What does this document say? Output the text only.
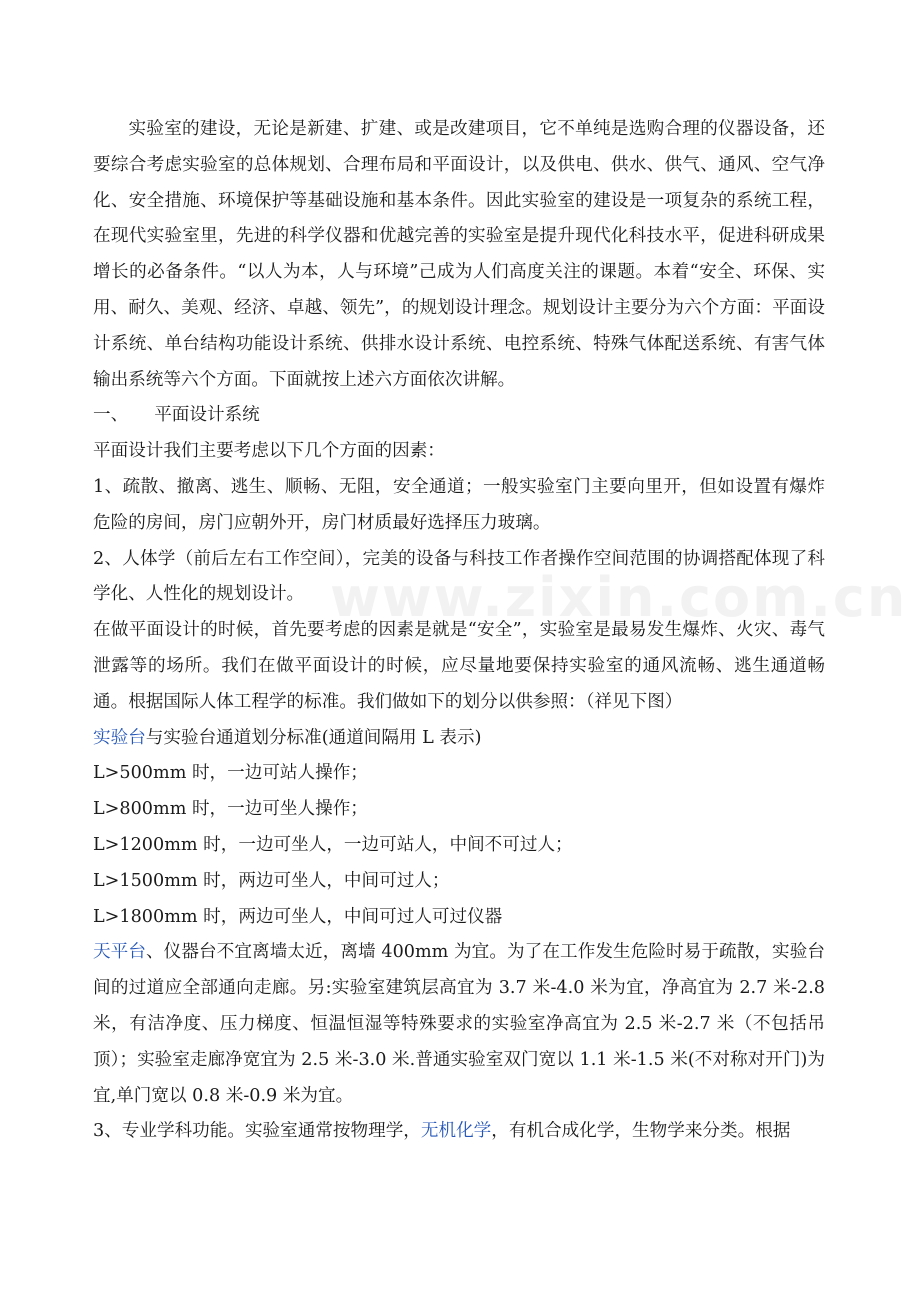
www.zixin.com.cn

  实验室的建设，无论是新建、扩建、或是改建项目，它不单纯是选购合理的仪器设备，还要综合考虑实验室的总体规划、合理布局和平面设计，以及供电、供水、供气、通风、空气净化、安全措施、环境保护等基础设施和基本条件。因此实验室的建设是一项复杂的系统工程，在现代实验室里，先进的科学仪器和优越完善的实验室是提升现代化科技水平，促进科研成果增长的必备条件。“以人为本，人与环境”己成为人们高度关注的课题。本着“安全、环保、实用、耐久、美观、经济、卓越、领先”，的规划设计理念。规划设计主要分为六个方面：平面设计系统、单台结构功能设计系统、供排水设计系统、电控系统、特殊气体配送系统、有害气体输出系统等六个方面。下面就按上述六方面依次讲解。

一、 平面设计系统

平面设计我们主要考虑以下几个方面的因素：

1、疏散、撤离、逃生、顺畅、无阻，安全通道；一般实验室门主要向里开，但如设置有爆炸危险的房间，房门应朝外开，房门材质最好选择压力玻璃。

2、人体学（前后左右工作空间），完美的设备与科技工作者操作空间范围的协调搭配体现了科学化、人性化的规划设计。

在做平面设计的时候，首先要考虑的因素是就是“安全”，实验室是最易发生爆炸、火灾、毒气泄露等的场所。我们在做平面设计的时候，应尽量地要保持实验室的通风流畅、逃生通道畅通。根据国际人体工程学的标准。我们做如下的划分以供参照：（祥见下图）

实验台与实验台通道划分标准(通道间隔用 L 表示)

L>500mm 时，一边可站人操作；

L>800mm 时，一边可坐人操作；

L>1200mm 时，一边可坐人，一边可站人，中间不可过人；

L>1500mm 时，两边可坐人，中间可过人；

L>1800mm 时，两边可坐人，中间可过人可过仪器

天平台、仪器台不宜离墙太近，离墙 400mm 为宜。为了在工作发生危险时易于疏散，实验台间的过道应全部通向走廊。另:实验室建筑层高宜为 3.7 米-4.0 米为宜，净高宜为 2.7 米-2.8 米，有洁净度、压力梯度、恒温恒湿等特殊要求的实验室净高宜为 2.5 米-2.7 米（不包括吊顶）；实验室走廊净宽宜为 2.5 米-3.0 米.普通实验室双门宽以 1.1 米-1.5 米(不对称对开门)为宜,单门宽以 0.8 米-0.9 米为宜。

3、专业学科功能。实验室通常按物理学，无机化学，有机合成化学，生物学来分类。根据
